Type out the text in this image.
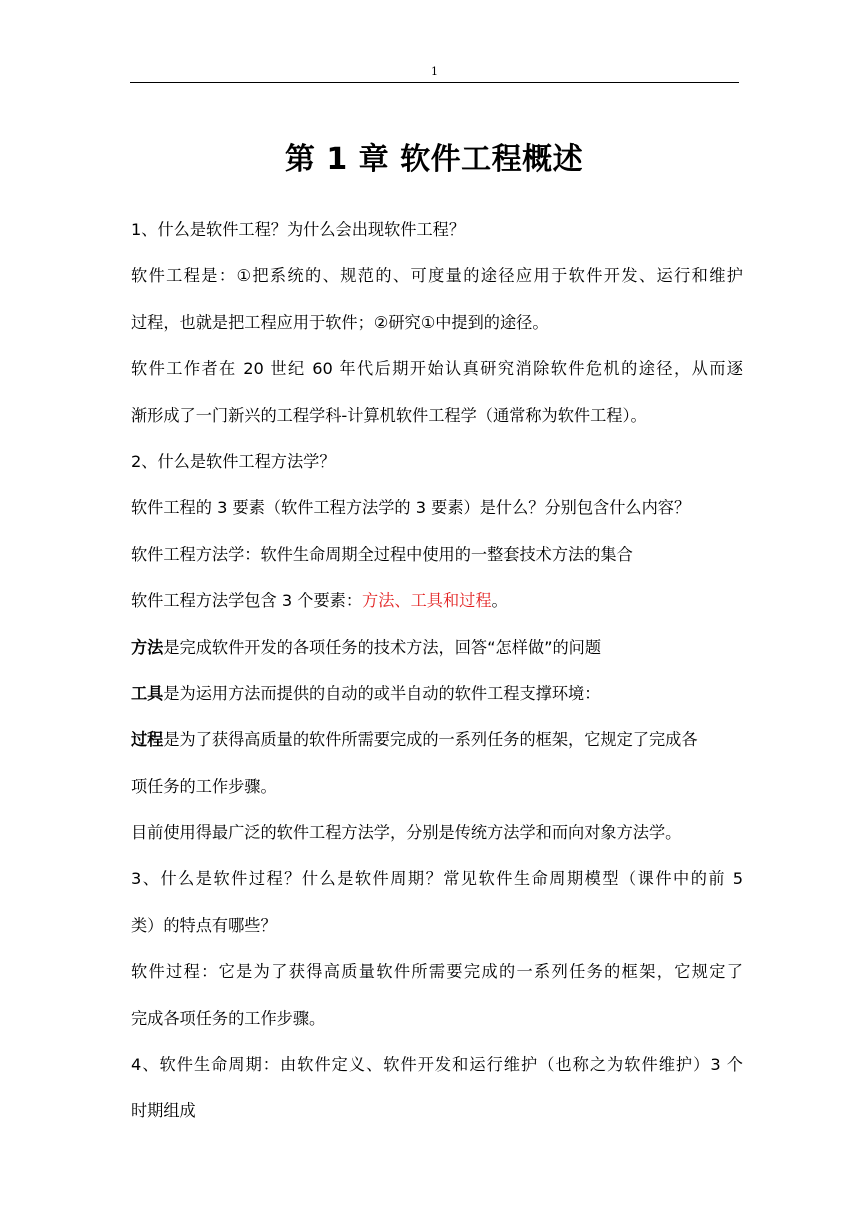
1
第 1 章 软件工程概述
1、什么是软件工程？为什么会出现软件工程？
软件工程是：①把系统的、规范的、可度量的途径应用于软件开发、运行和维护
过程，也就是把工程应用于软件；②研究①中提到的途径。
软件工作者在 20 世纪 60 年代后期开始认真研究消除软件危机的途径，从而逐
渐形成了一门新兴的工程学科-计算机软件工程学（通常称为软件工程）。
2、什么是软件工程方法学？
软件工程的 3 要素（软件工程方法学的 3 要素）是什么？分别包含什么内容？
软件工程方法学：软件生命周期全过程中使用的一整套技术方法的集合
软件工程方法学包含 3 个要素：方法、工具和过程。
方法是完成软件开发的各项任务的技术方法，回答“怎样做”的问题
工具是为运用方法而提供的自动的或半自动的软件工程支撑环境：
过程是为了获得高质量的软件所需要完成的一系列任务的框架，它规定了完成各
项任务的工作步骤。
目前使用得最广泛的软件工程方法学，分别是传统方法学和而向对象方法学。
3、什么是软件过程？什么是软件周期？常见软件生命周期模型（课件中的前 5
类）的特点有哪些？
软件过程：它是为了获得高质量软件所需要完成的一系列任务的框架，它规定了
完成各项任务的工作步骤。
4、软件生命周期：由软件定义、软件开发和运行维护（也称之为软件维护）3 个
时期组成
